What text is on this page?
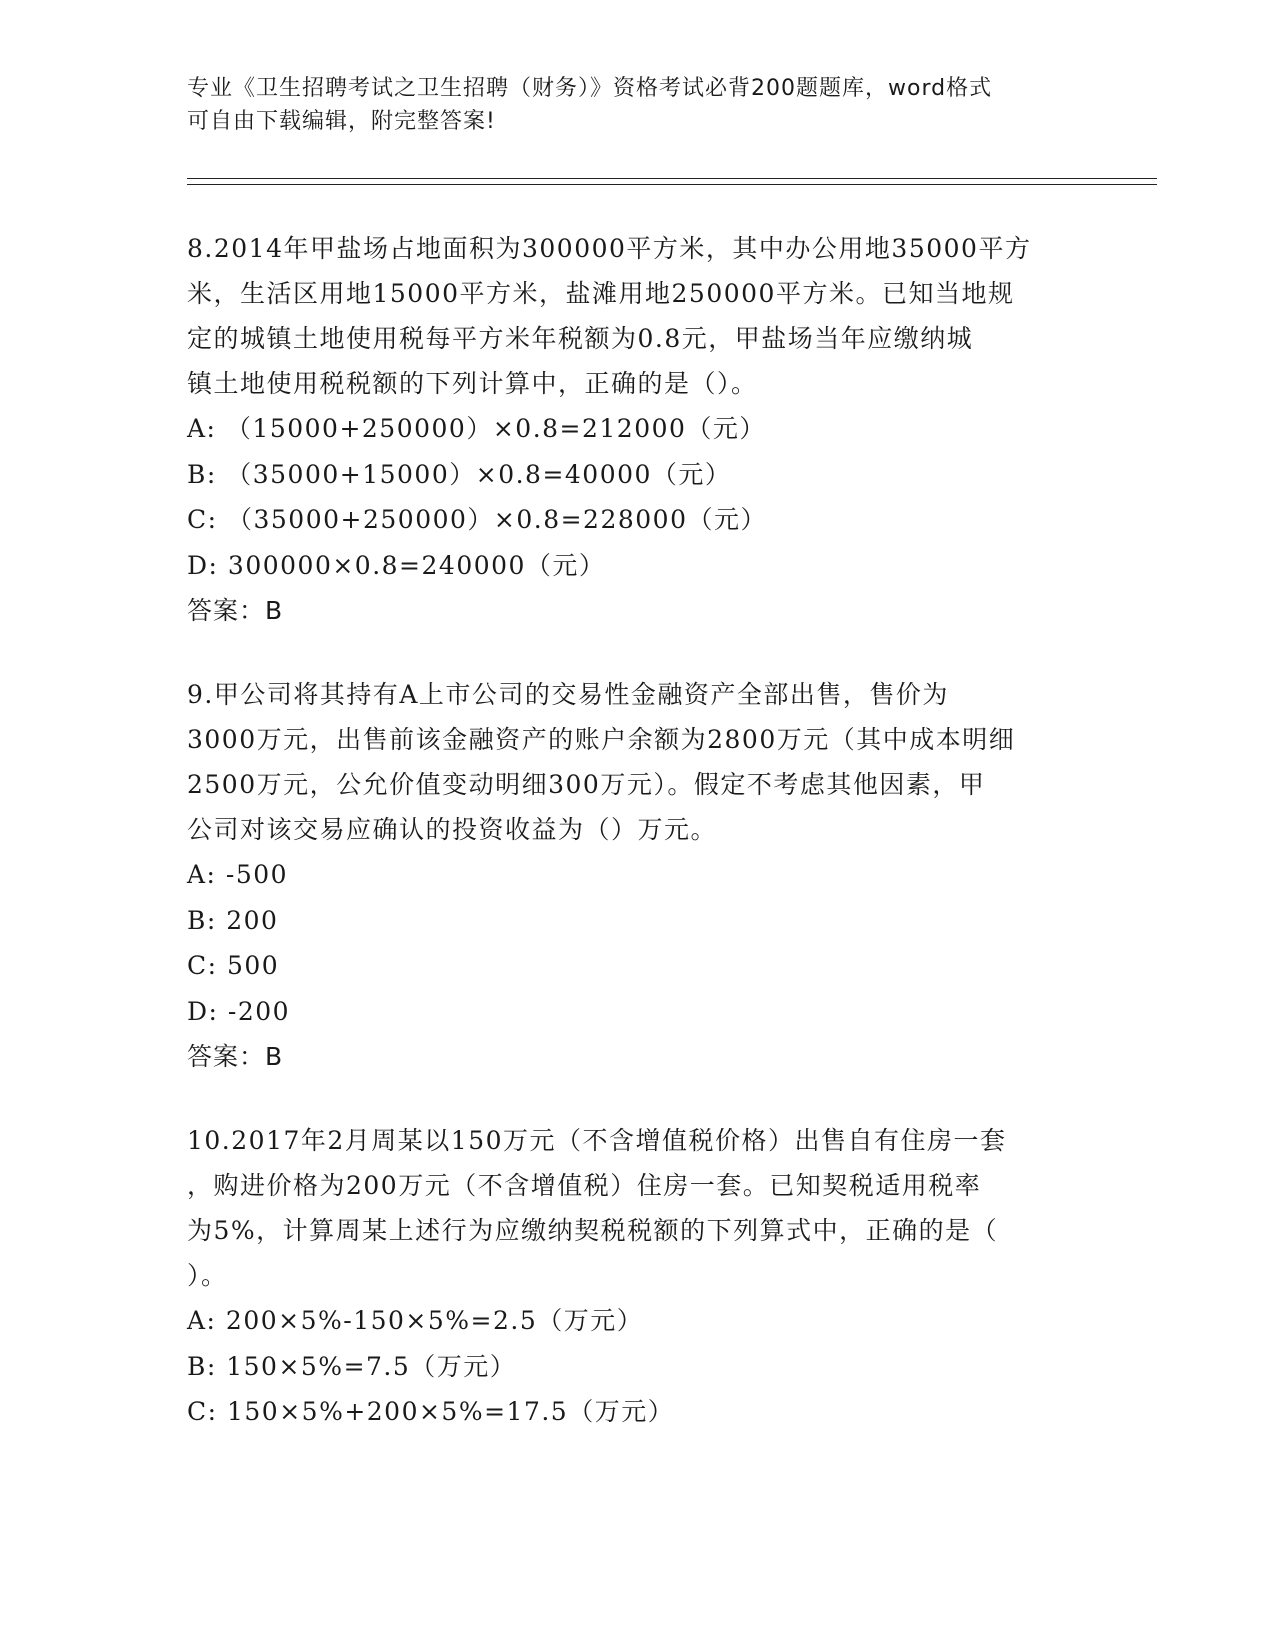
专业《卫生招聘考试之卫生招聘（财务）》资格考试必背200题题库，word格式
可自由下载编辑，附完整答案!

8.2014年甲盐场占地面积为300000平方米，其中办公用地35000平方

米，生活区用地15000平方米，盐滩用地250000平方米。已知当地规

定的城镇土地使用税每平方米年税额为0.8元，甲盐场当年应缴纳城

镇土地使用税税额的下列计算中，正确的是（）。

A: （15000+250000）×0.8=212000（元）

B: （35000+15000）×0.8=40000（元）

C: （35000+250000）×0.8=228000（元）

D: 300000×0.8=240000（元）

答案：B

9.甲公司将其持有A上市公司的交易性金融资产全部出售，售价为

3000万元，出售前该金融资产的账户余额为2800万元（其中成本明细

2500万元，公允价值变动明细300万元）。假定不考虑其他因素，甲

公司对该交易应确认的投资收益为（）万元。

A: -500

B: 200

C: 500

D: -200

答案：B

10.2017年2月周某以150万元（不含增值税价格）出售自有住房一套

，购进价格为200万元（不含增值税）住房一套。已知契税适用税率

为5%，计算周某上述行为应缴纳契税税额的下列算式中，正确的是（

）。

A: 200×5%-150×5%=2.5（万元）

B: 150×5%=7.5（万元）

C: 150×5%+200×5%=17.5（万元）
